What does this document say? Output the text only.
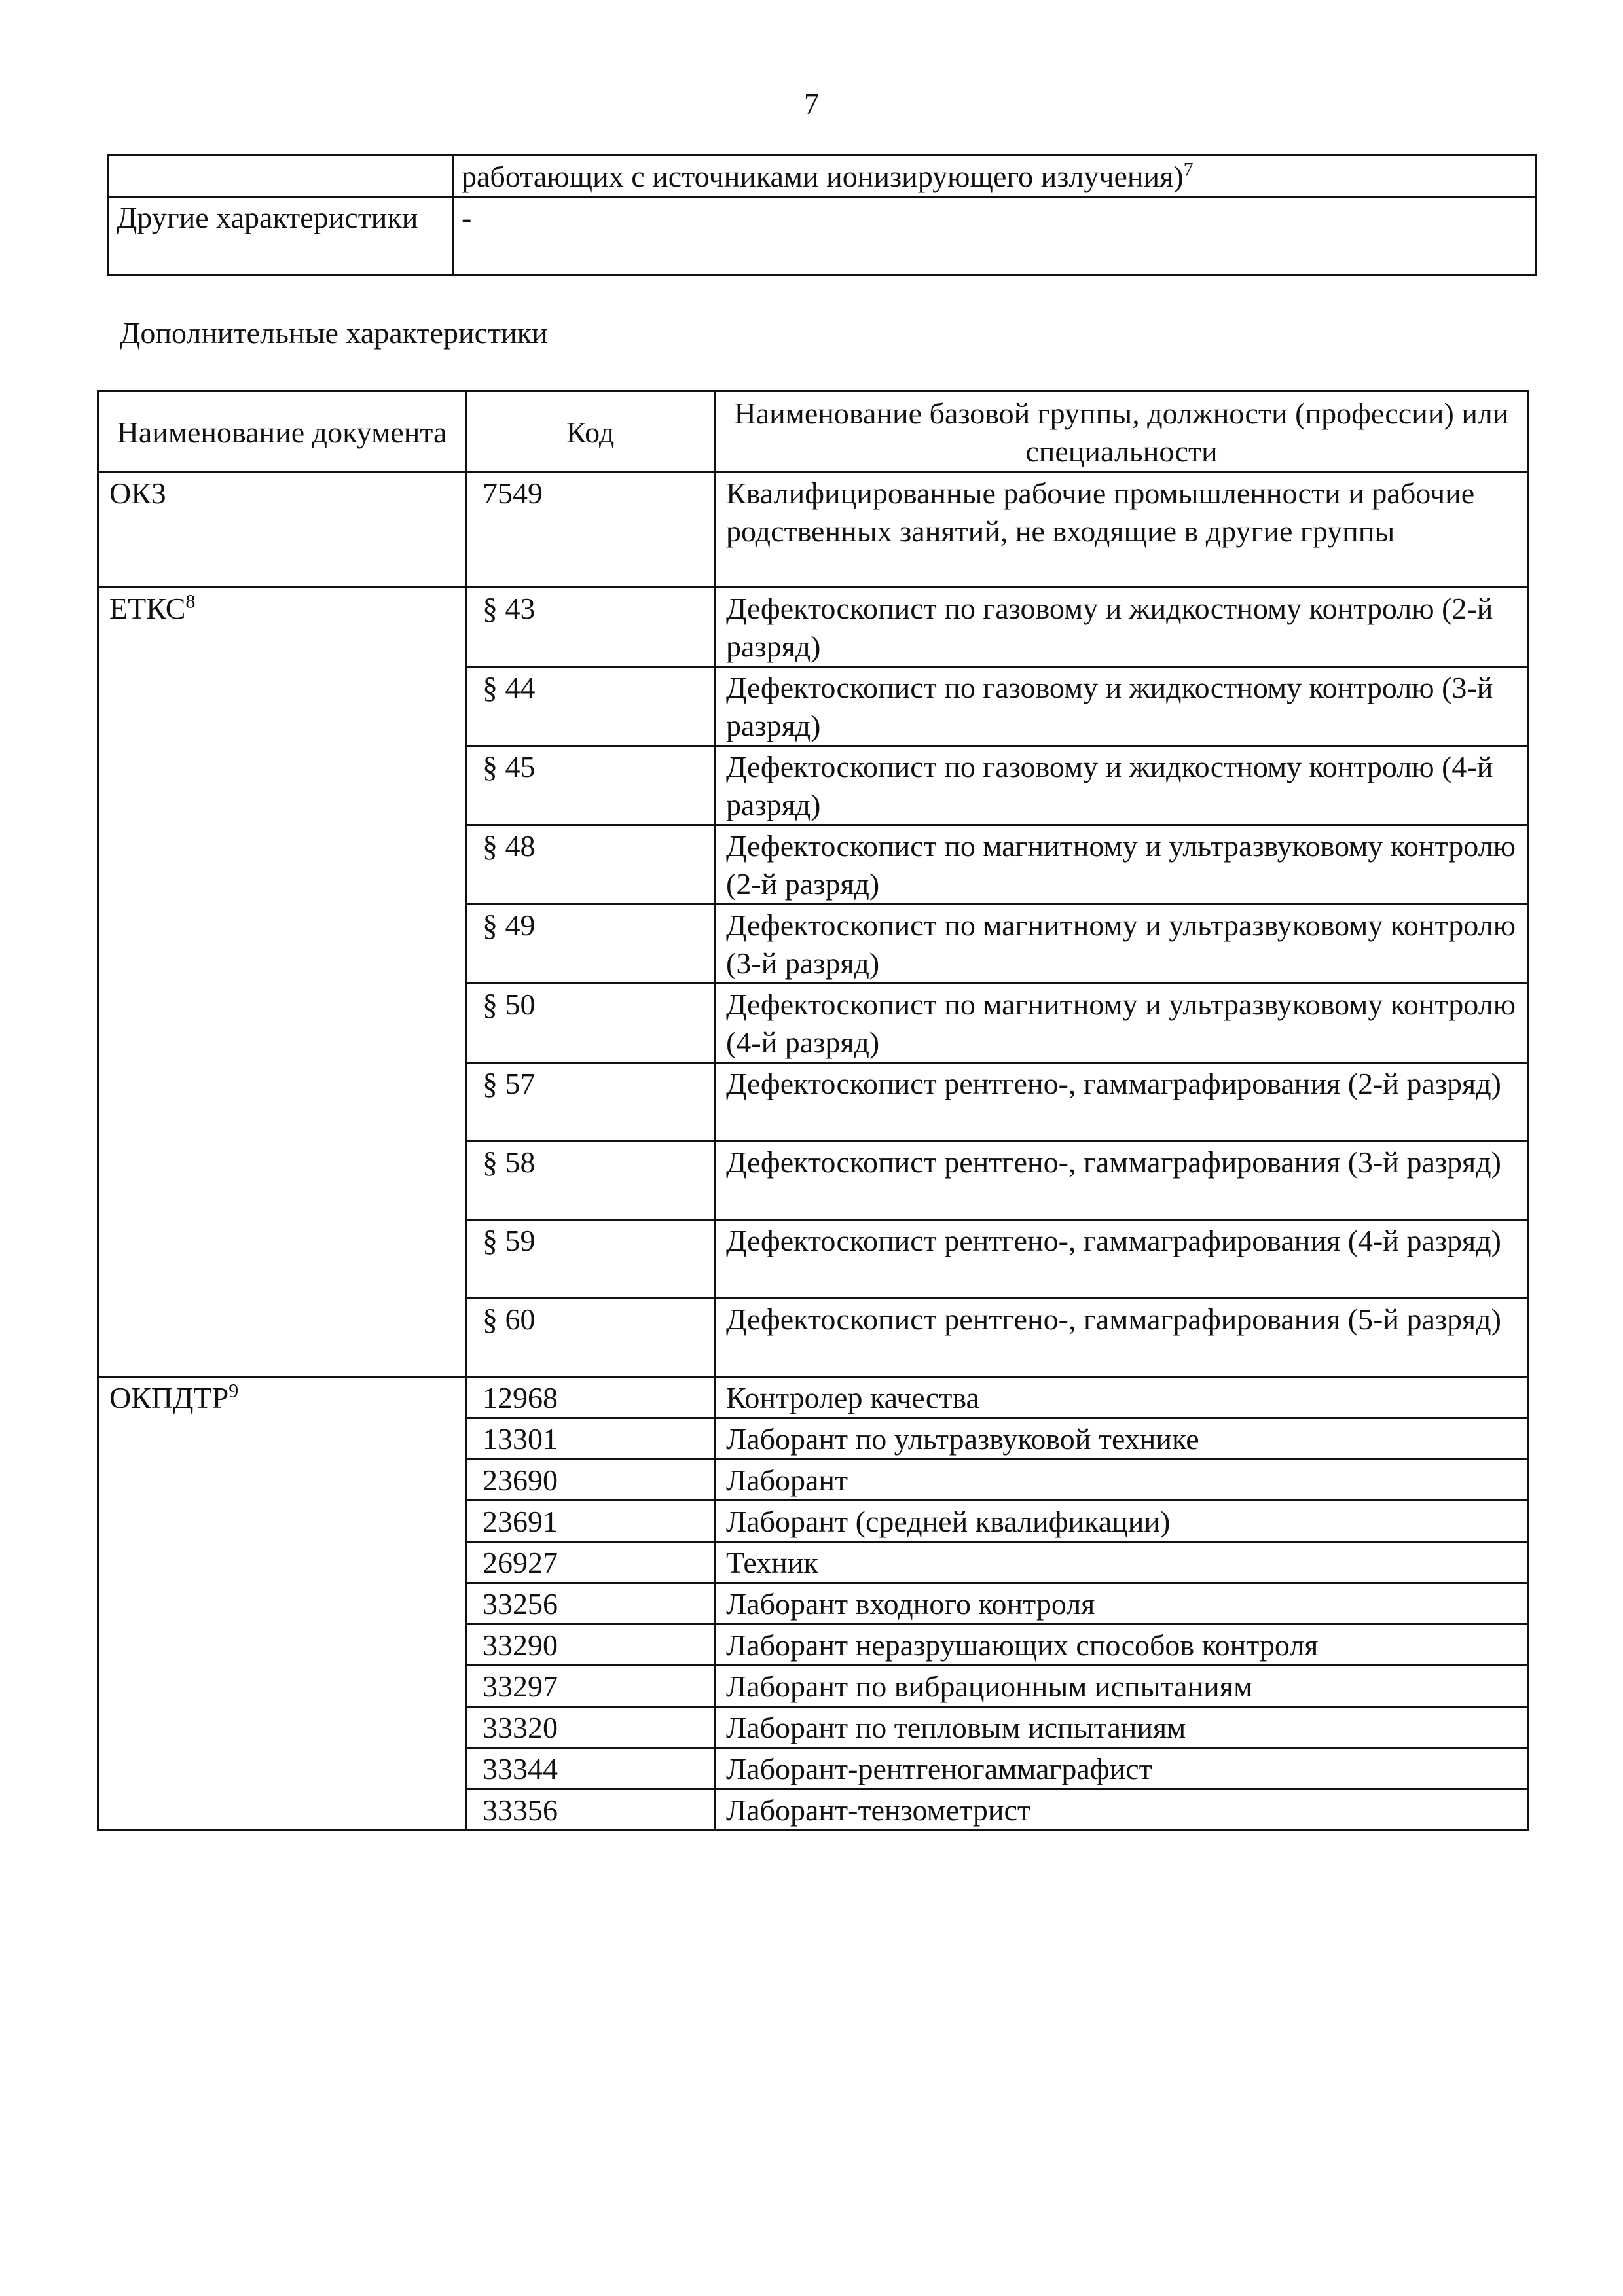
7
	работающих с источниками ионизирующего излучения)$^7$
Другие характеристики	-
Дополнительные характеристики
Наименование документа	Код	Наименование базовой группы, должности (профессии) или специальности
ОКЗ	7549	Квалифицированные рабочие промышленности и рабочие родственных занятий, не входящие в другие группы
ЕТКС$^8$	§ 43	Дефектоскопист по газовому и жидкостному контролю (2-й разряд)
	§ 44	Дефектоскопист по газовому и жидкостному контролю (3-й разряд)
	§ 45	Дефектоскопист по газовому и жидкостному контролю (4-й разряд)
	§ 48	Дефектоскопист по магнитному и ультразвуковому контролю (2-й разряд)
	§ 49	Дефектоскопист по магнитному и ультразвуковому контролю (3-й разряд)
	§ 50	Дефектоскопист по магнитному и ультразвуковому контролю (4-й разряд)
	§ 57	Дефектоскопист рентгено-, гаммаграфирования (2-й разряд)
	§ 58	Дефектоскопист рентгено-, гаммаграфирования (3-й разряд)
	§ 59	Дефектоскопист рентгено-, гаммаграфирования (4-й разряд)
	§ 60	Дефектоскопист рентгено-, гаммаграфирования (5-й разряд)
ОКПДТР$^9$	12968	Контролер качества
	13301	Лаборант по ультразвуковой технике
	23690	Лаборант
	23691	Лаборант (средней квалификации)
	26927	Техник
	33256	Лаборант входного контроля
	33290	Лаборант неразрушающих способов контроля
	33297	Лаборант по вибрационным испытаниям
	33320	Лаборант по тепловым испытаниям
	33344	Лаборант-рентгеногаммаграфист
	33356	Лаборант-тензометрист
